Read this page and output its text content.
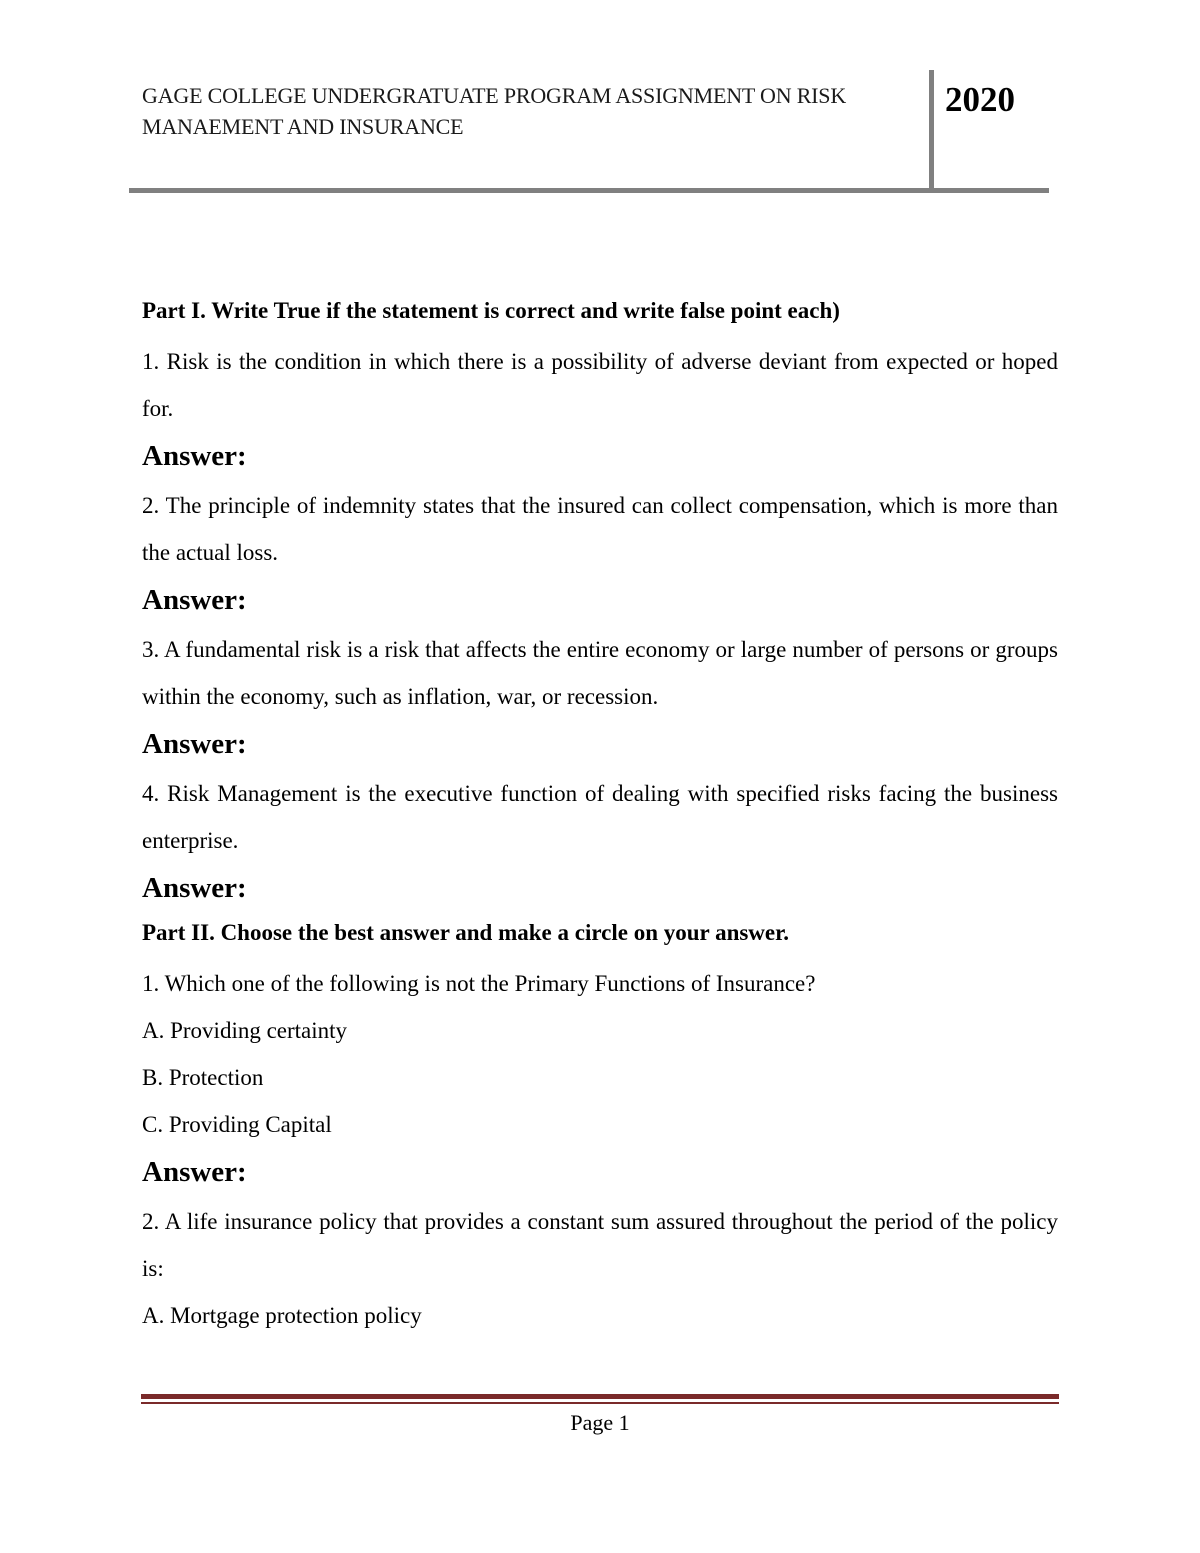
GAGE COLLEGE UNDERGRATUATE PROGRAM ASSIGNMENT ON RISK MANAEMENT AND INSURANCE
2020

Part I. Write True if the statement is correct and write false point each)

1. Risk is the condition in which there is a possibility of adverse deviant from expected or hoped for.

Answer:

2. The principle of indemnity states that the insured can collect compensation, which is more than the actual loss.

Answer:

3. A fundamental risk is a risk that affects the entire economy or large number of persons or groups within the economy, such as inflation, war, or recession.

Answer:

4. Risk Management is the executive function of dealing with specified risks facing the business enterprise.

Answer:

Part II. Choose the best answer and make a circle on your answer.

1. Which one of the following is not the Primary Functions of Insurance?

A. Providing certainty

B. Protection

C. Providing Capital

Answer:

2. A life insurance policy that provides a constant sum assured throughout the period of the policy is:

A. Mortgage protection policy

Page 1
